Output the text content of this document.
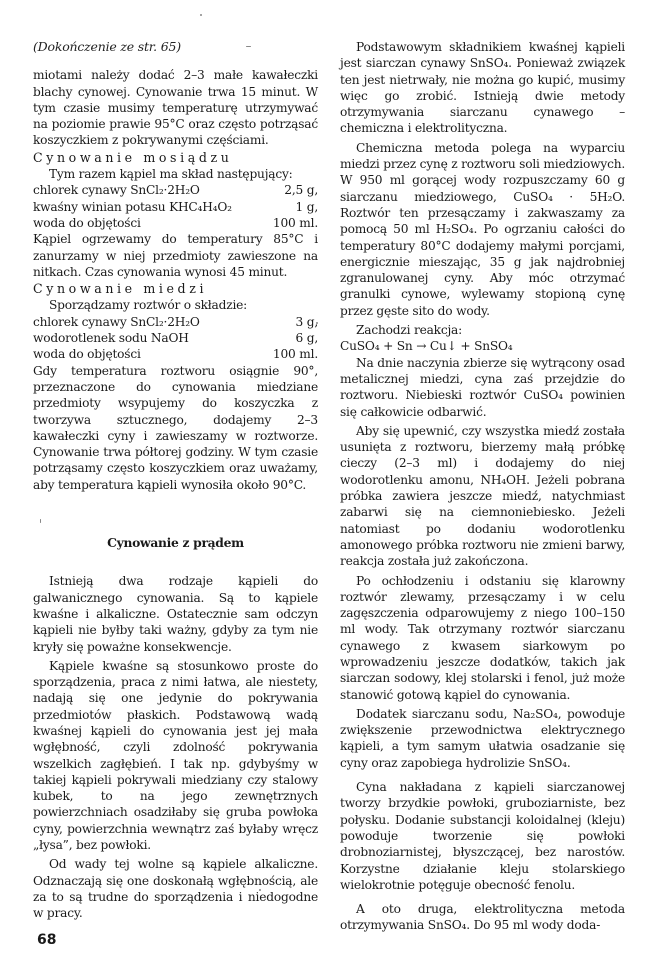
(Dokończenie ze str. 65)

miotami należy dodać 2–3 małe kawałeczki blachy cynowej. Cynowanie trwa 15 minut. W tym czasie musimy temperaturę utrzymywać na poziomie prawie 95°C oraz często potrząsać koszyczkiem z pokrywanymi częściami.

Cynowanie mosiądzu

Tym razem kąpiel ma skład następujący:

chlorek cynawy SnCl₂·2H₂O	2,5 g,
kwaśny winian potasu KHC₄H₄O₂	1 g,
woda do objętości	100 ml.

Kąpiel ogrzewamy do temperatury 85°C i zanurzamy w niej przedmioty zawieszone na nitkach. Czas cynowania wynosi 45 minut.

Cynowanie miedzi

Sporządzamy roztwór o składzie:

chlorek cynawy SnCl₂·2H₂O	3 g,
wodorotlenek sodu NaOH	6 g,
woda do objętości	100 ml.

Gdy temperatura roztworu osiągnie 90°, przeznaczone do cynowania miedziane przedmioty wsypujemy do koszyczka z tworzywa sztucznego, dodajemy 2–3 kawałeczki cyny i zawieszamy w roztworze. Cynowanie trwa półtorej godziny. W tym czasie potrząsamy często koszyczkiem oraz uważamy, aby temperatura kąpieli wynosiła około 90°C.

Cynowanie z prądem

Istnieją dwa rodzaje kąpieli do galwanicznego cynowania. Są to kąpiele kwaśne i alkaliczne. Ostatecznie sam odczyn kąpieli nie byłby taki ważny, gdyby za tym nie kryły się poważne konsekwencje.

Kąpiele kwaśne są stosunkowo proste do sporządzenia, praca z nimi łatwa, ale niestety, nadają się one jedynie do pokrywania przedmiotów płaskich. Podstawową wadą kwaśnej kąpieli do cynowania jest jej mała wgłębność, czyli zdolność pokrywania wszelkich zagłębień. I tak np. gdybyśmy w takiej kąpieli pokrywali miedziany czy stalowy kubek, to na jego zewnętrznych powierzchniach osadziłaby się gruba powłoka cyny, powierzchnia wewnątrz zaś byłaby wręcz „łysa”, bez powłoki.

Od wady tej wolne są kąpiele alkaliczne. Odznaczają się one doskonałą wgłębnością, ale za to są trudne do sporządzenia i niedogodne w pracy.

Podstawowym składnikiem kwaśnej kąpieli jest siarczan cynawy SnSO₄. Ponieważ związek ten jest nietrwały, nie można go kupić, musimy więc go zrobić. Istnieją dwie metody otrzymywania siarczanu cynawego – chemiczna i elektrolityczna.

Chemiczna metoda polega na wyparciu miedzi przez cynę z roztworu soli miedziowych. W 950 ml gorącej wody rozpuszczamy 60 g siarczanu miedziowego, CuSO₄ · 5H₂O. Roztwór ten przesączamy i zakwaszamy za pomocą 50 ml H₂SO₄. Po ogrzaniu całości do temperatury 80°C dodajemy małymi porcjami, energicznie mieszając, 35 g jak najdrobniej zgranulowanej cyny. Aby móc otrzymać granulki cynowe, wylewamy stopioną cynę przez gęste sito do wody.

Zachodzi reakcja:

CuSO₄ + Sn → Cu↓ + SnSO₄

Na dnie naczynia zbierze się wytrącony osad metalicznej miedzi, cyna zaś przejdzie do roztworu. Niebieski roztwór CuSO₄ powinien się całkowicie odbarwić.

Aby się upewnić, czy wszystka miedź została usunięta z roztworu, bierzemy małą próbkę cieczy (2–3 ml) i dodajemy do niej wodorotlenku amonu, NH₄OH. Jeżeli pobrana próbka zawiera jeszcze miedź, natychmiast zabarwi się na ciemnoniebiesko. Jeżeli natomiast po dodaniu wodorotlenku amonowego próbka roztworu nie zmieni barwy, reakcja została już zakończona.

Po ochłodzeniu i odstaniu się klarowny roztwór zlewamy, przesączamy i w celu zagęszczenia odparowujemy z niego 100–150 ml wody. Tak otrzymany roztwór siarczanu cynawego z kwasem siarkowym po wprowadzeniu jeszcze dodatków, takich jak siarczan sodowy, klej stolarski i fenol, już może stanowić gotową kąpiel do cynowania.

Dodatek siarczanu sodu, Na₂SO₄, powoduje zwiększenie przewodnictwa elektrycznego kąpieli, a tym samym ułatwia osadzanie się cyny oraz zapobiega hydrolizie SnSO₄.

Cyna nakładana z kąpieli siarczanowej tworzy brzydkie powłoki, gruboziarniste, bez połysku. Dodanie substancji koloidalnej (kleju) powoduje tworzenie się powłoki drobnoziarnistej, błyszczącej, bez narostów. Korzystne działanie kleju stolarskiego wielokrotnie potęguje obecność fenolu.

A oto druga, elektrolityczna metoda otrzymywania SnSO₄. Do 95 ml wody doda-

68
